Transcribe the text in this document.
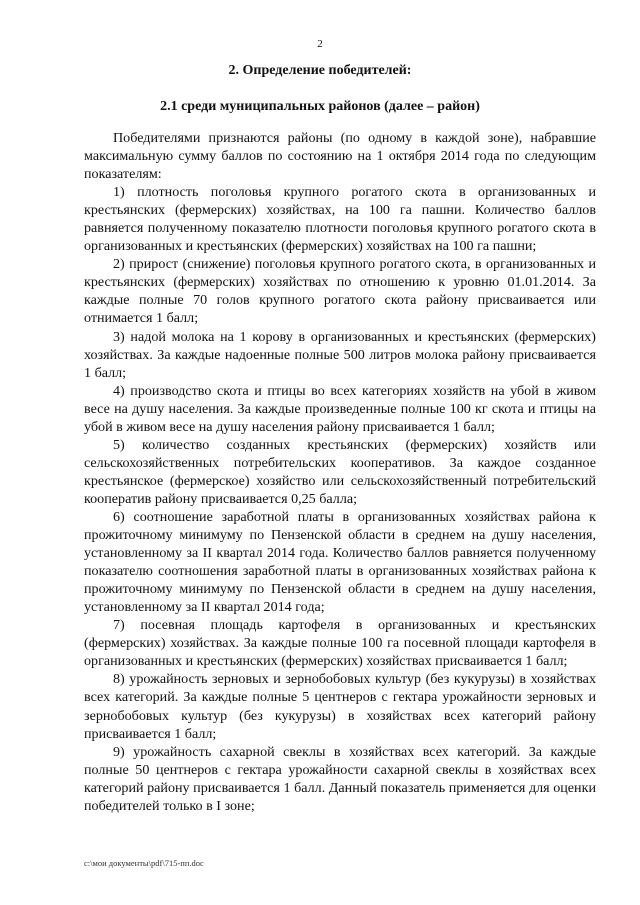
2
2. Определение победителей:
2.1 среди муниципальных районов (далее – район)

Победителями признаются районы (по одному в каждой зоне), набравшие максимальную сумму баллов по состоянию на 1 октября 2014 года по следующим показателям:

1) плотность поголовья крупного рогатого скота в организованных и крестьянских (фермерских) хозяйствах, на 100 га пашни. Количество баллов равняется полученному показателю плотности поголовья крупного рогатого скота в организованных и крестьянских (фермерских) хозяйствах на 100 га пашни;

2) прирост (снижение) поголовья крупного рогатого скота, в организованных и крестьянских (фермерских) хозяйствах по отношению к уровню 01.01.2014. За каждые полные 70 голов крупного рогатого скота району присваивается или отнимается 1 балл;

3) надой молока на 1 корову в организованных и крестьянских (фермерских) хозяйствах. За каждые надоенные полные 500 литров молока району присваивается 1 балл;

4) производство скота и птицы во всех категориях хозяйств на убой в живом весе на душу населения. За каждые произведенные полные 100 кг скота и птицы на убой в живом весе на душу населения району присваивается 1 балл;

5) количество созданных крестьянских (фермерских) хозяйств или сельскохозяйственных потребительских кооперативов. За каждое созданное крестьянское (фермерское) хозяйство или сельскохозяйственный потребительский кооператив району присваивается 0,25 балла;

6) соотношение заработной платы в организованных хозяйствах района к прожиточному минимуму по Пензенской области в среднем на душу населения, установленному за II квартал 2014 года. Количество баллов равняется полученному показателю соотношения заработной платы в организованных хозяйствах района к прожиточному минимуму по Пензенской области в среднем на душу населения, установленному за II квартал 2014 года;

7) посевная площадь картофеля в организованных и крестьянских (фермерских) хозяйствах. За каждые полные 100 га посевной площади картофеля в организованных и крестьянских (фермерских) хозяйствах присваивается 1 балл;

8) урожайность зерновых и зернобобовых культур (без кукурузы) в хозяйствах всех категорий. За каждые полные 5 центнеров с гектара урожайности зерновых и зернобобовых культур (без кукурузы) в хозяйствах всех категорий району присваивается 1 балл;

9) урожайность сахарной свеклы в хозяйствах всех категорий. За каждые полные 50 центнеров с гектара урожайности сахарной свеклы в хозяйствах всех категорий району присваивается 1 балл. Данный показатель применяется для оценки победителей только в I зоне;

c:\мои документы\pdf\715-пп.doc
